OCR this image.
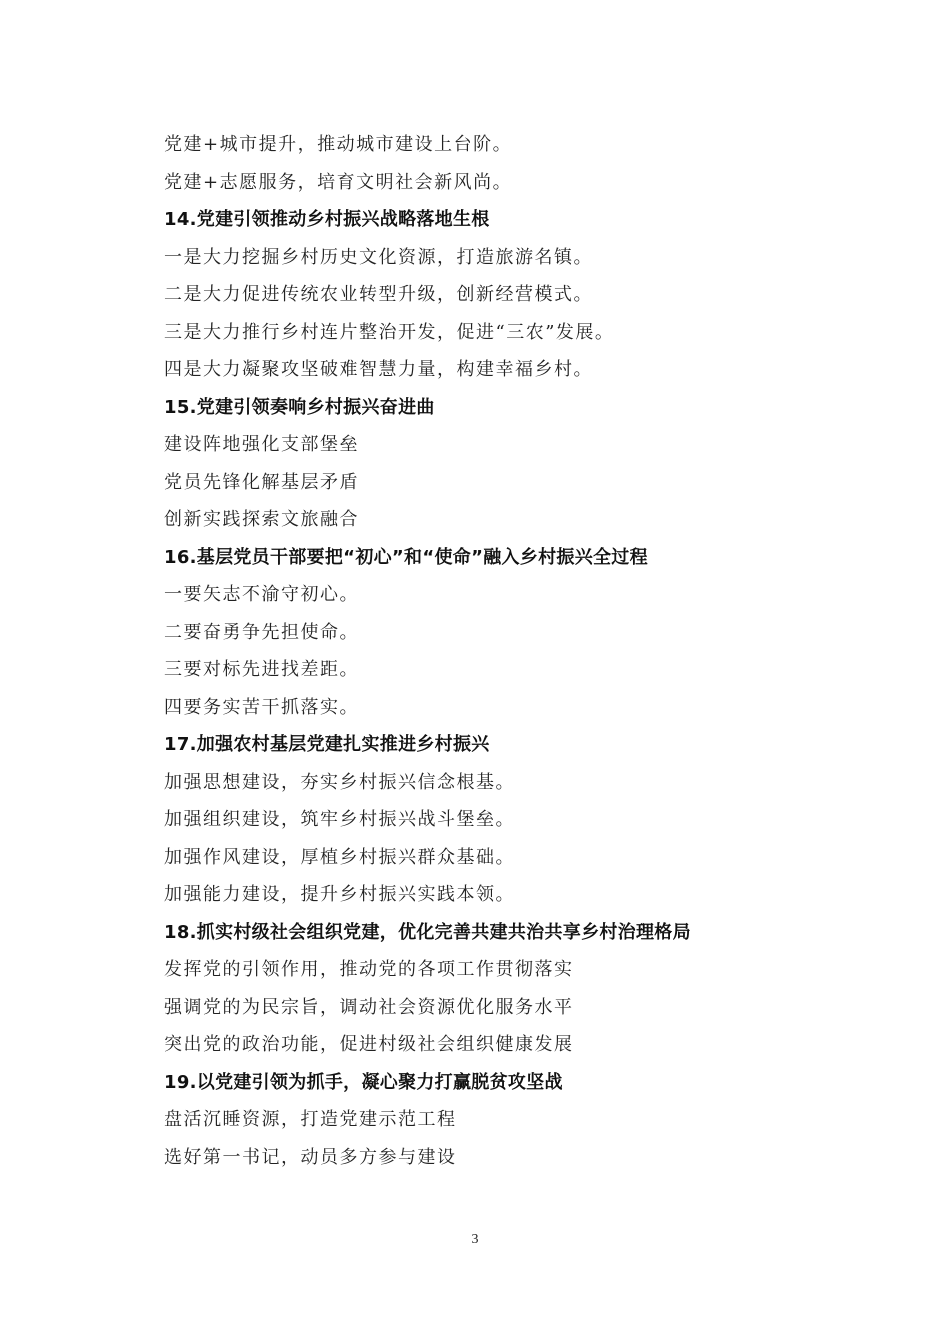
党建+城市提升，推动城市建设上台阶。
党建+志愿服务，培育文明社会新风尚。
14.党建引领推动乡村振兴战略落地生根
一是大力挖掘乡村历史文化资源，打造旅游名镇。
二是大力促进传统农业转型升级，创新经营模式。
三是大力推行乡村连片整治开发，促进“三农”发展。
四是大力凝聚攻坚破难智慧力量，构建幸福乡村。
15.党建引领奏响乡村振兴奋进曲
建设阵地强化支部堡垒
党员先锋化解基层矛盾
创新实践探索文旅融合
16.基层党员干部要把“初心”和“使命”融入乡村振兴全过程
一要矢志不渝守初心。
二要奋勇争先担使命。
三要对标先进找差距。
四要务实苦干抓落实。
17.加强农村基层党建扎实推进乡村振兴
加强思想建设，夯实乡村振兴信念根基。
加强组织建设，筑牢乡村振兴战斗堡垒。
加强作风建设，厚植乡村振兴群众基础。
加强能力建设，提升乡村振兴实践本领。
18.抓实村级社会组织党建，优化完善共建共治共享乡村治理格局
发挥党的引领作用，推动党的各项工作贯彻落实
强调党的为民宗旨，调动社会资源优化服务水平
突出党的政治功能，促进村级社会组织健康发展
19.以党建引领为抓手，凝心聚力打赢脱贫攻坚战
盘活沉睡资源，打造党建示范工程
选好第一书记，动员多方参与建设
3
